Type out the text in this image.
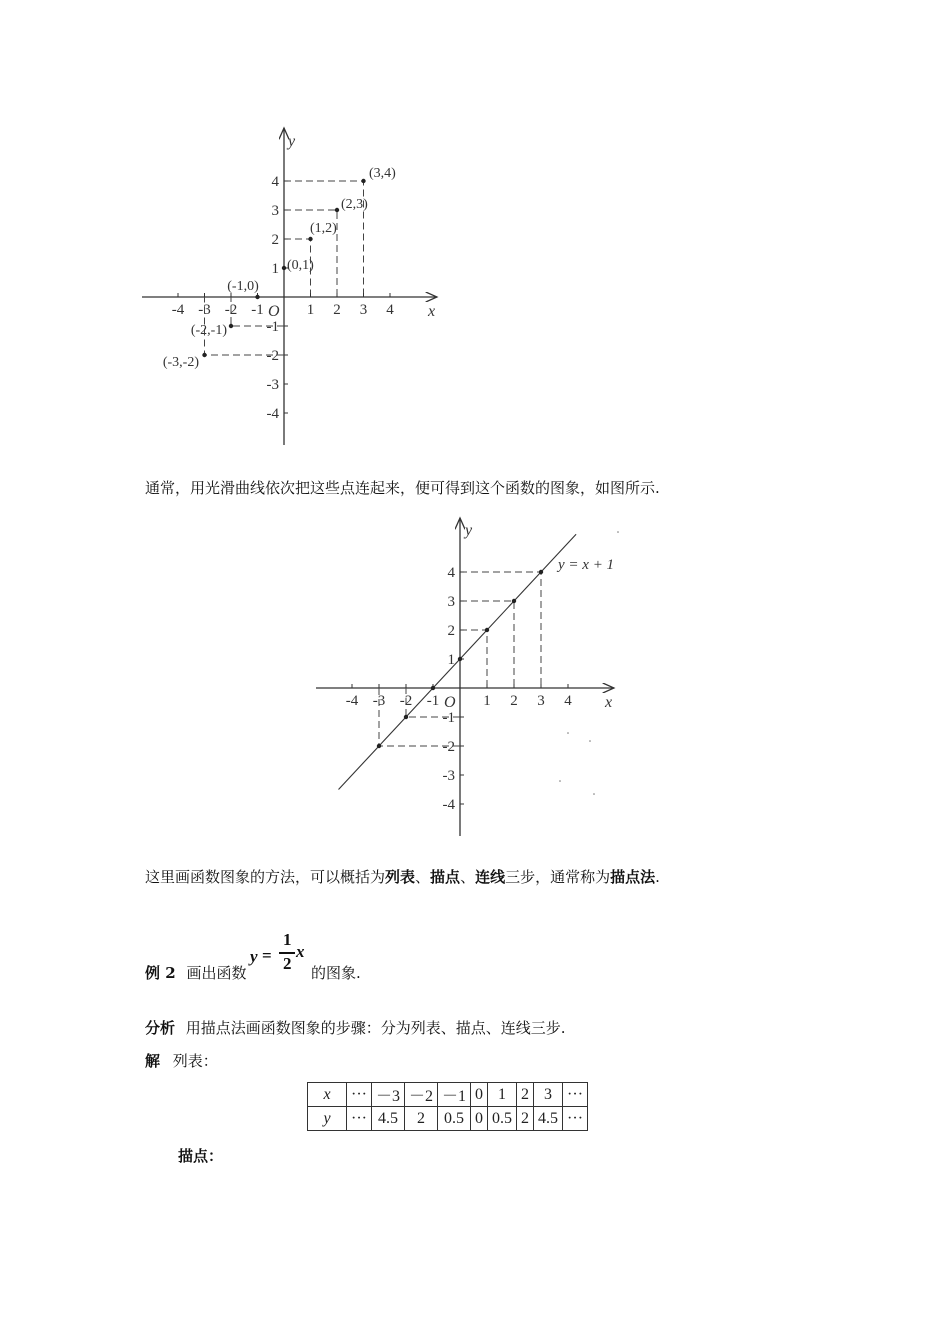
-4 -3 -2 -1	1 2 3 4
4
3
2
1
-1
-2
-3
-4
(-3,-2)
(-2,-1)
(-1,0)
(0,1)
(1,2)
(2,3)
(3,4)
x
y
O
通常，用光滑曲线依次把这些点连起来，便可得到这个函数的图象，如图所示.
-4 -3 -2 -1	1 2 3 4
4
3
2
1
-1
-2
-3
-4
x
y
O
y = x + 1
这里画函数图象的方法，可以概括为列表、描点、连线三步，通常称为描点法.
例 2 画出函数
y =
1
2
x
的图象.
分析 用描点法画函数图象的步骤：分为列表、描点、连线三步.
解 列表：
x	···	－3	－2	－1	0	1	2	3	···
y	···	4.5	2	0.5	0	0.5	2	4.5	···
描点：
